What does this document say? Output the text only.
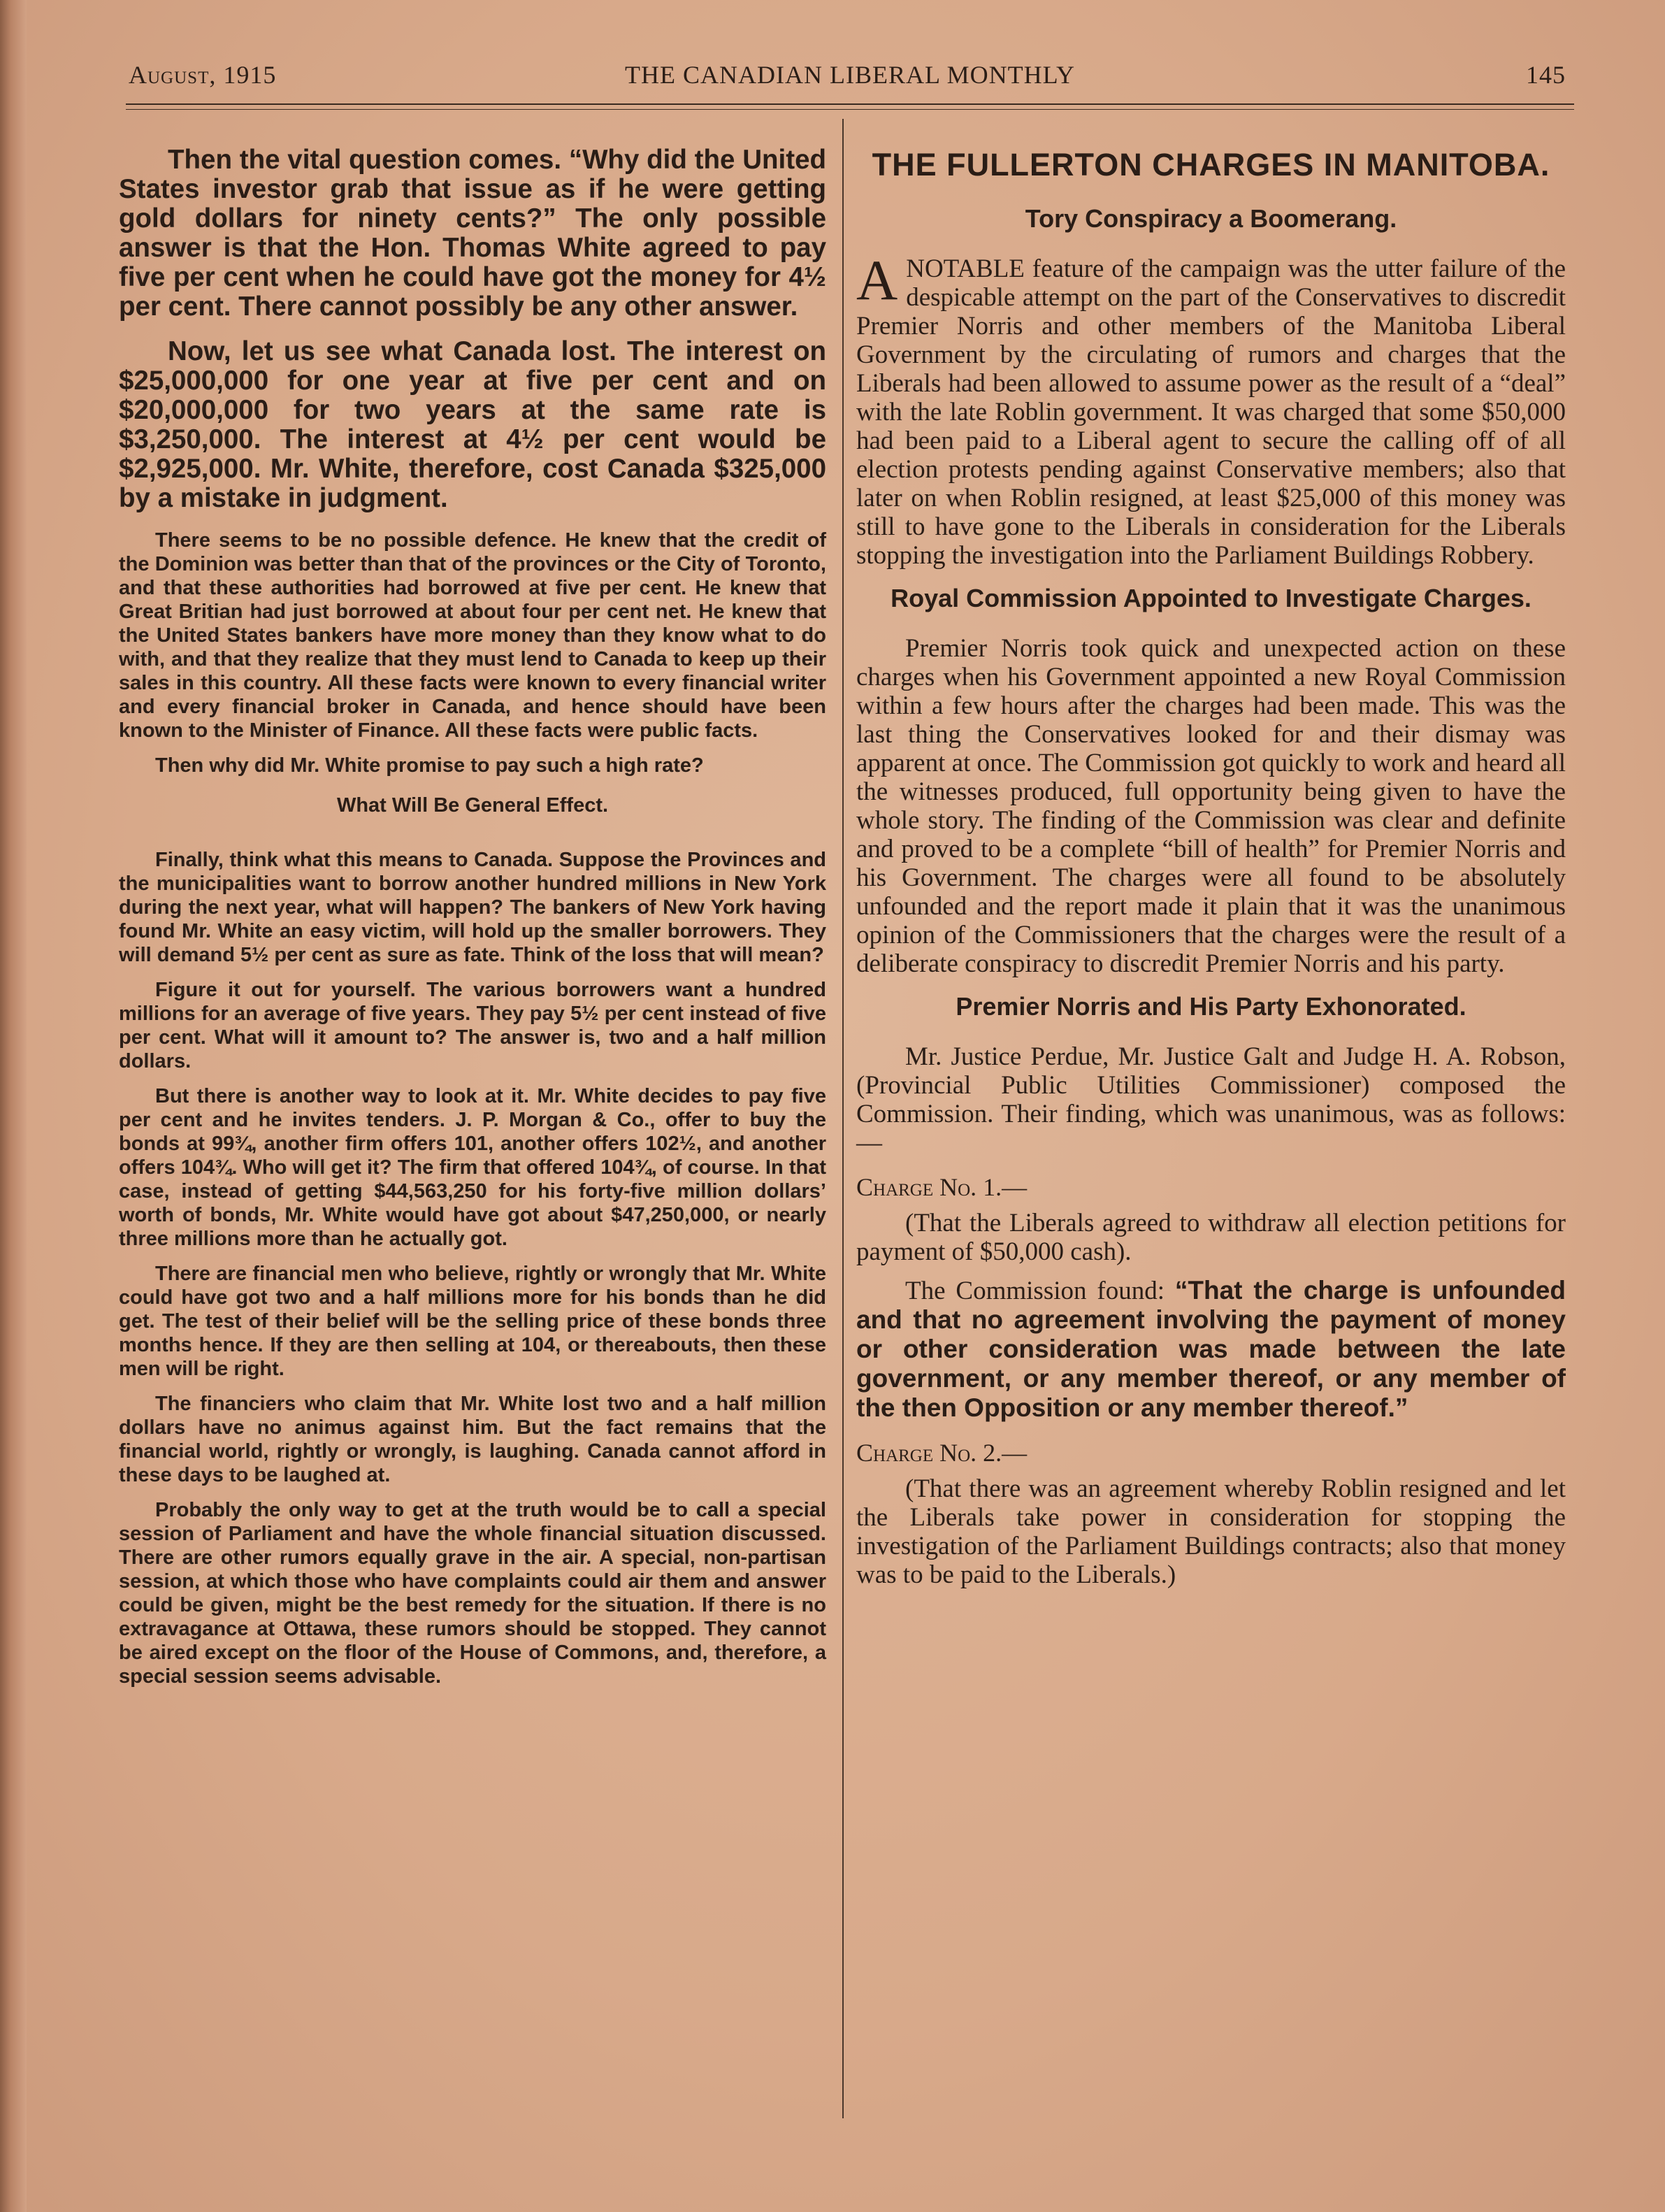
August, 1915	THE CANADIAN LIBERAL MONTHLY	145

Then the vital question comes. “Why did the United States investor grab that issue as if he were getting gold dollars for ninety cents?” The only possible answer is that the Hon. Thomas White agreed to pay five per cent when he could have got the money for 4½ per cent. There cannot possibly be any other answer.

Now, let us see what Canada lost. The interest on $25,000,000 for one year at five per cent and on $20,000,000 for two years at the same rate is $3,250,000. The interest at 4½ per cent would be $2,925,000. Mr. White, therefore, cost Canada $325,000 by a mistake in judgment.

There seems to be no possible defence. He knew that the credit of the Dominion was better than that of the provinces or the City of Toronto, and that these authorities had borrowed at five per cent. He knew that Great Britian had just borrowed at about four per cent net. He knew that the United States bankers have more money than they know what to do with, and that they realize that they must lend to Canada to keep up their sales in this country. All these facts were known to every financial writer and every financial broker in Canada, and hence should have been known to the Minister of Finance. All these facts were public facts.

Then why did Mr. White promise to pay such a high rate?

What Will Be General Effect.

Finally, think what this means to Canada. Suppose the Provinces and the municipalities want to borrow another hundred millions in New York during the next year, what will happen? The bankers of New York having found Mr. White an easy victim, will hold up the smaller borrowers. They will demand 5½ per cent as sure as fate. Think of the loss that will mean?

Figure it out for yourself. The various borrowers want a hundred millions for an average of five years. They pay 5½ per cent instead of five per cent. What will it amount to? The answer is, two and a half million dollars.

But there is another way to look at it. Mr. White decides to pay five per cent and he invites tenders. J. P. Morgan & Co., offer to buy the bonds at 99¾, another firm offers 101, another offers 102½, and another offers 104¾. Who will get it? The firm that offered 104¾, of course. In that case, instead of getting $44,563,250 for his forty-five million dollars’ worth of bonds, Mr. White would have got about $47,250,000, or nearly three millions more than he actually got.

There are financial men who believe, rightly or wrongly that Mr. White could have got two and a half millions more for his bonds than he did get. The test of their belief will be the selling price of these bonds three months hence. If they are then selling at 104, or thereabouts, then these men will be right.

The financiers who claim that Mr. White lost two and a half million dollars have no animus against him. But the fact remains that the financial world, rightly or wrongly, is laughing. Canada cannot afford in these days to be laughed at.

Probably the only way to get at the truth would be to call a special session of Parliament and have the whole financial situation discussed. There are other rumors equally grave in the air. A special, non-partisan session, at which those who have complaints could air them and answer could be given, might be the best remedy for the situation. If there is no extravagance at Ottawa, these rumors should be stopped. They cannot be aired except on the floor of the House of Commons, and, therefore, a special session seems advisable.

THE FULLERTON CHARGES IN MANITOBA.
Tory Conspiracy a Boomerang.

ANOTABLE feature of the campaign was the utter failure of the despicable attempt on the part of the Conservatives to discredit Premier Norris and other members of the Manitoba Liberal Government by the circulating of rumors and charges that the Liberals had been allowed to assume power as the result of a “deal” with the late Roblin government. It was charged that some $50,000 had been paid to a Liberal agent to secure the calling off of all election protests pending against Conservative members; also that later on when Roblin resigned, at least $25,000 of this money was still to have gone to the Liberals in consideration for the Liberals stopping the investigation into the Parliament Buildings Robbery.

Royal Commission Appointed to Investigate Charges.

Premier Norris took quick and unexpected action on these charges when his Government appointed a new Royal Commission within a few hours after the charges had been made. This was the last thing the Conservatives looked for and their dismay was apparent at once. The Commission got quickly to work and heard all the witnesses produced, full opportunity being given to have the whole story. The finding of the Commission was clear and definite and proved to be a complete “bill of health” for Premier Norris and his Government. The charges were all found to be absolutely unfounded and the report made it plain that it was the unanimous opinion of the Commissioners that the charges were the result of a deliberate conspiracy to discredit Premier Norris and his party.

Premier Norris and His Party Exhonorated.

Mr. Justice Perdue, Mr. Justice Galt and Judge H. A. Robson, (Provincial Public Utilities Commissioner) composed the Commission. Their finding, which was unanimous, was as follows:—

Charge No. 1.—

(That the Liberals agreed to withdraw all election petitions for payment of $50,000 cash).

The Commission found: “That the charge is unfounded and that no agreement involving the payment of money or other consideration was made between the late government, or any member thereof, or any member of the then Opposition or any member thereof.”

Charge No. 2.—

(That there was an agreement whereby Roblin resigned and let the Liberals take power in consideration for stopping the investigation of the Parliament Buildings contracts; also that money was to be paid to the Liberals.)
